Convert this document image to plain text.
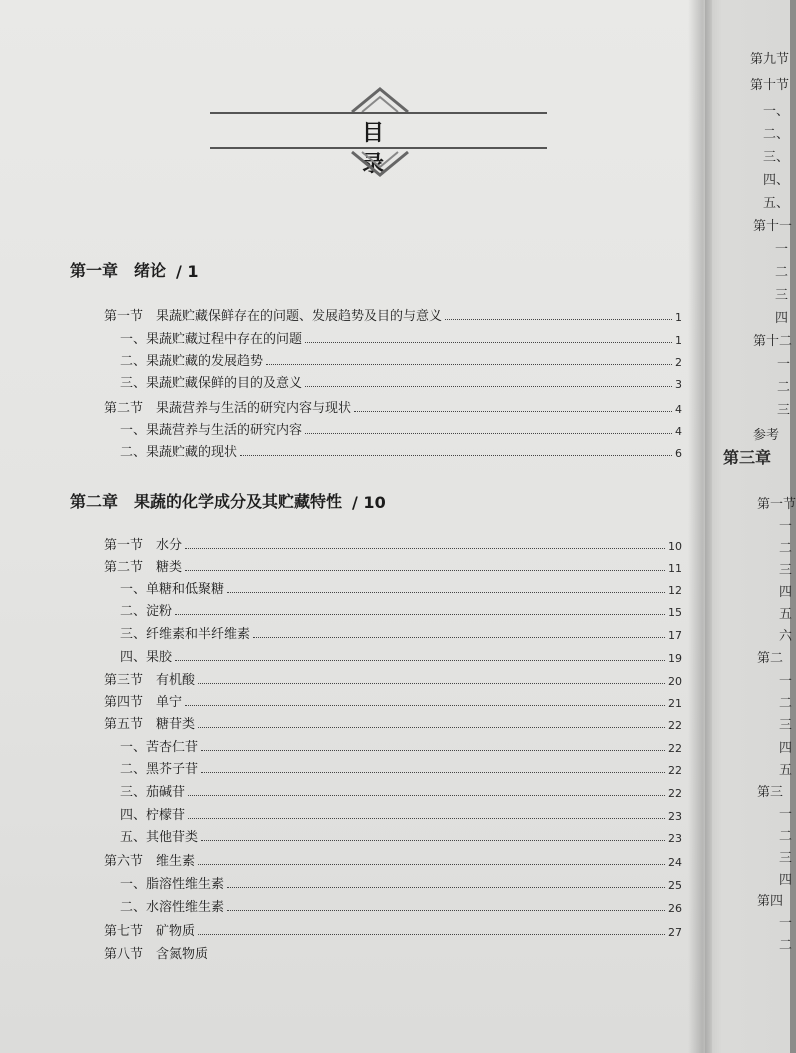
第九节
第十节
一、
二、
三、
四、
五、
第十一
一
二
三
四
第十二
一
二
三
参考
第三章
第一节
一
二
三
四
五
六
第二
一
二
三
四
五
第三
一
二
三
四
第四
一
二
目 录
第一章　绪论 / 1
第二章　果蔬的化学成分及其贮藏特性 / 10
第一节　果蔬贮藏保鲜存在的问题、发展趋势及目的与意义	1
一、果蔬贮藏过程中存在的问题	1
二、果蔬贮藏的发展趋势	2
三、果蔬贮藏保鲜的目的及意义	3
第二节　果蔬营养与生活的研究内容与现状	4
一、果蔬营养与生活的研究内容	4
二、果蔬贮藏的现状	6
第一节　水分	10
第二节　糖类	11
一、单糖和低聚糖	12
二、淀粉	15
三、纤维素和半纤维素	17
四、果胶	19
第三节　有机酸	20
第四节　单宁	21
第五节　糖苷类	22
一、苦杏仁苷	22
二、黑芥子苷	22
三、茄碱苷	22
四、柠檬苷	23
五、其他苷类	23
第六节　维生素	24
一、脂溶性维生素	25
二、水溶性维生素	26
第七节　矿物质	27
第八节　含氮物质
